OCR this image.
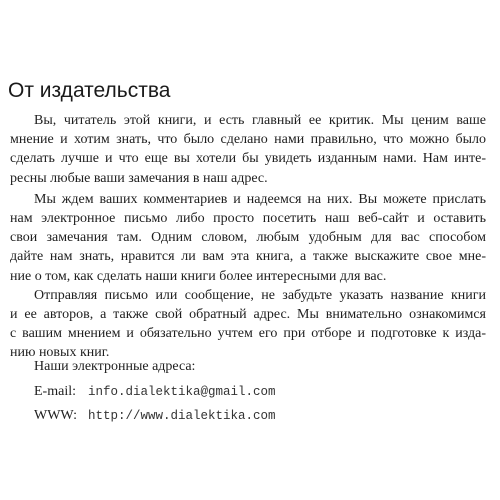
От издательства
Вы, читатель этой книги, и есть главный ее критик. Мы ценим ваше
мнение и хотим знать, что было сделано нами правильно, что можно было
сделать лучше и что еще вы хотели бы увидеть изданным нами. Нам инте-
ресны любые ваши замечания в наш адрес.
Мы ждем ваших комментариев и надеемся на них. Вы можете прислать
нам электронное письмо либо просто посетить наш веб-сайт и оставить
свои замечания там. Одним словом, любым удобным для вас способом
дайте нам знать, нравится ли вам эта книга, а также выскажите свое мне-
ние о том, как сделать наши книги более интересными для вас.
Отправляя письмо или сообщение, не забудьте указать название книги
и ее авторов, а также свой обратный адрес. Мы внимательно ознакомимся
с вашим мнением и обязательно учтем его при отборе и подготовке к изда-
нию новых книг.
Наши электронные адреса:
E-mail: info.dialektika@gmail.com
WWW: http://www.dialektika.com
